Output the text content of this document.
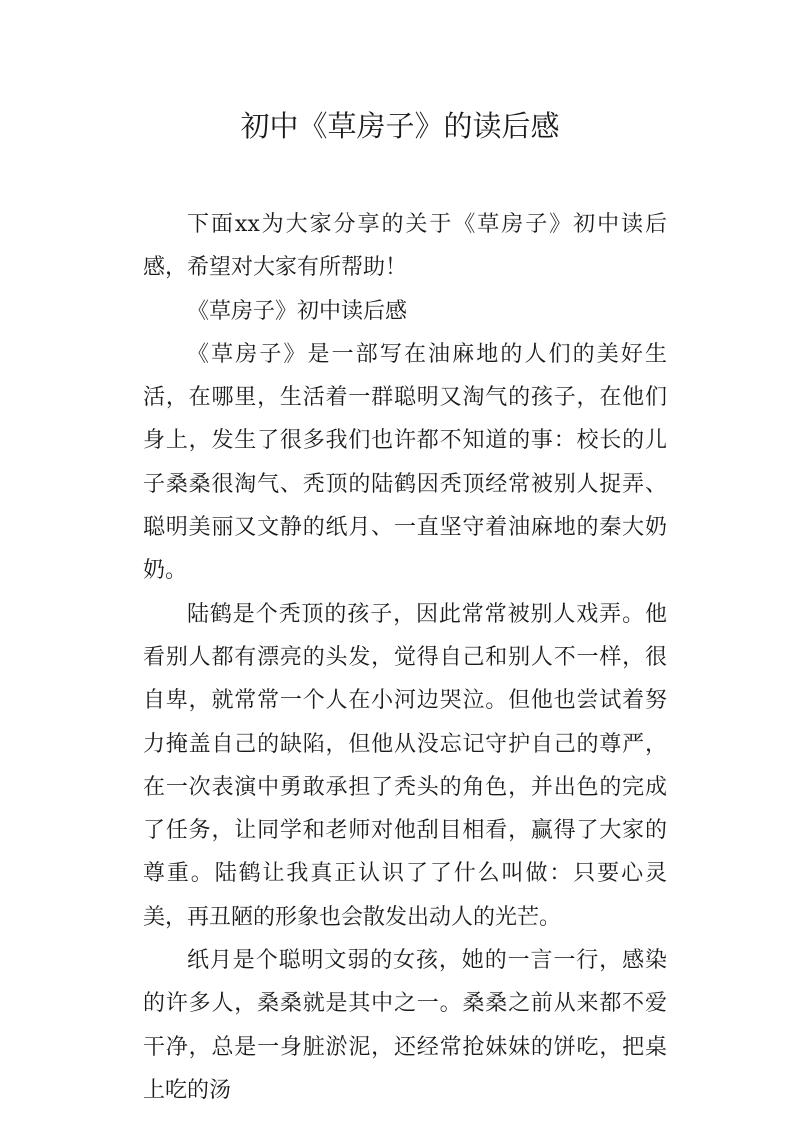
初中《草房子》的读后感

下面xx为大家分享的关于《草房子》初中读后感，希望对大家有所帮助！

《草房子》初中读后感

《草房子》是一部写在油麻地的人们的美好生活，在哪里，生活着一群聪明又淘气的孩子，在他们身上，发生了很多我们也许都不知道的事：校长的儿子桑桑很淘气、秃顶的陆鹤因秃顶经常被别人捉弄、聪明美丽又文静的纸月、一直坚守着油麻地的秦大奶奶。

陆鹤是个秃顶的孩子，因此常常被别人戏弄。他看别人都有漂亮的头发，觉得自己和别人不一样，很自卑，就常常一个人在小河边哭泣。但他也尝试着努力掩盖自己的缺陷，但他从没忘记守护自己的尊严，在一次表演中勇敢承担了秃头的角色，并出色的完成了任务，让同学和老师对他刮目相看，赢得了大家的尊重。陆鹤让我真正认识了了什么叫做：只要心灵美，再丑陋的形象也会散发出动人的光芒。

纸月是个聪明文弱的女孩，她的一言一行，感染的许多人，桑桑就是其中之一。桑桑之前从来都不爱干净，总是一身脏淤泥，还经常抢妹妹的饼吃，把桌上吃的汤
